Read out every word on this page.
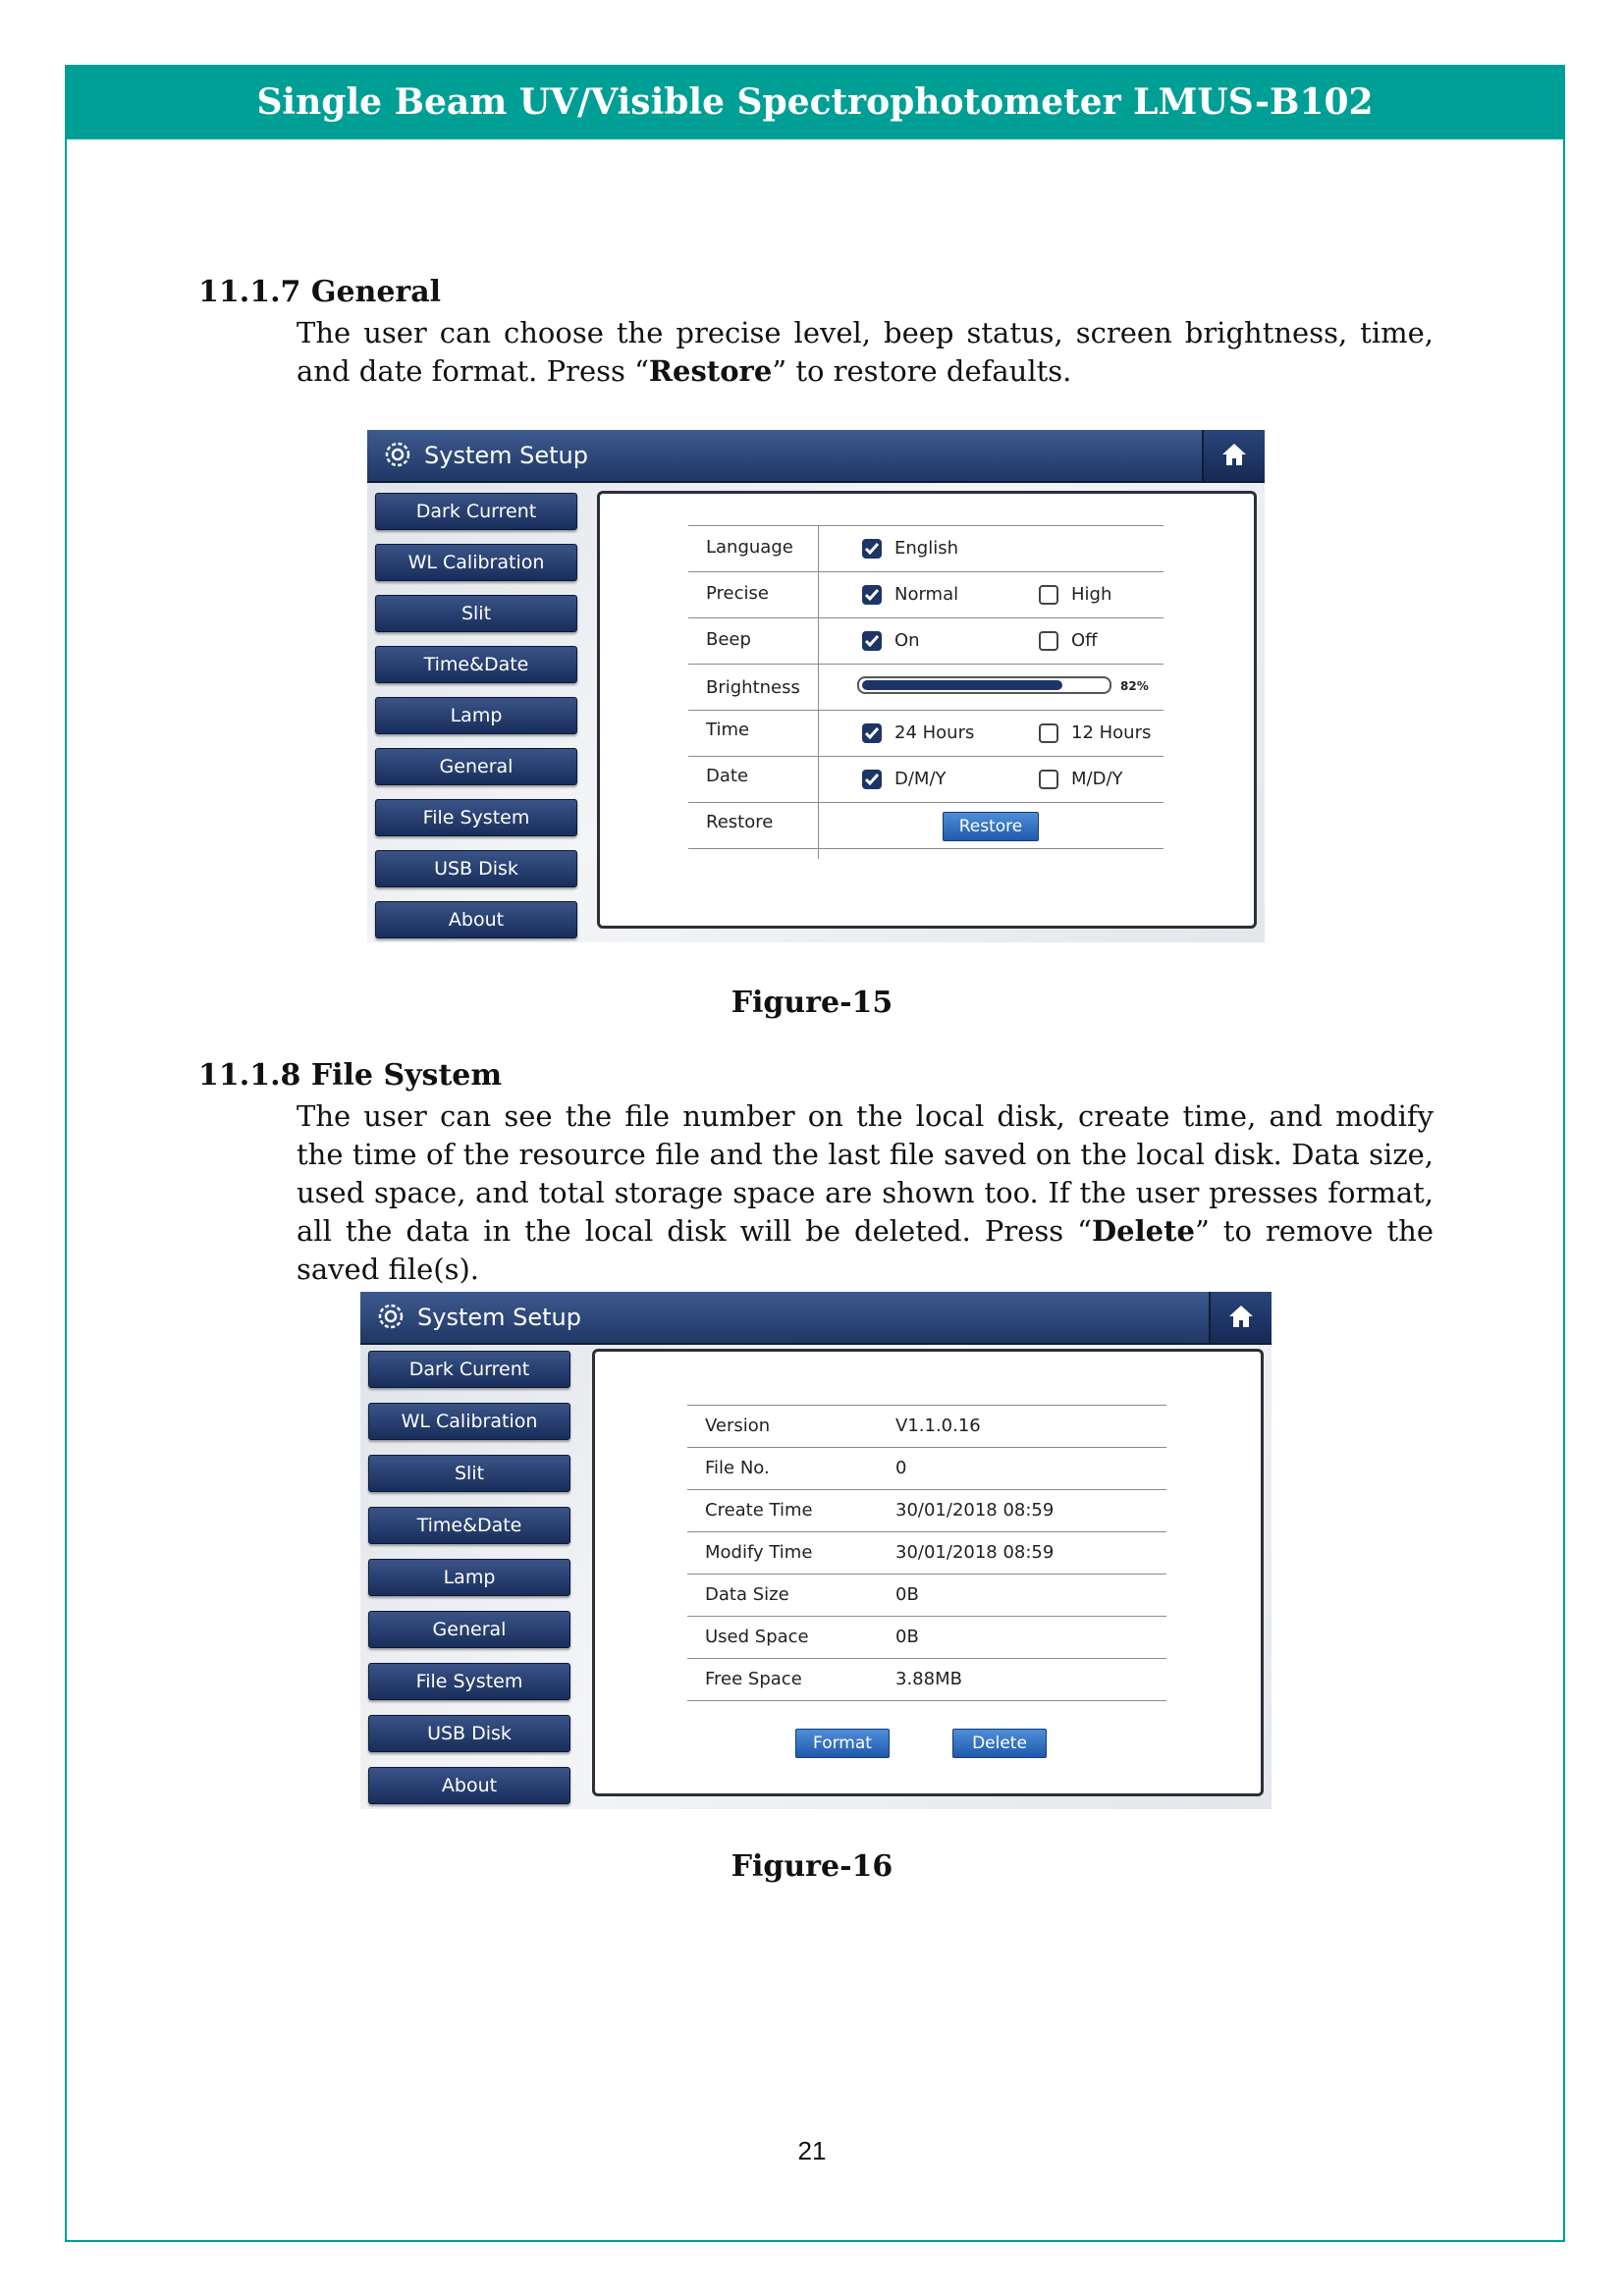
Single Beam UV/Visible Spectrophotometer LMUS-B102
11.1.7 General
The user can choose the precise level, beep status, screen brightness, time, and date format. Press “Restore” to restore defaults.
System Setup
Dark Current
WL Calibration
Slit
Time&Date
Lamp
General
File System
USB Disk
About
Language	English
Precise	Normal	High
Beep	On	Off
Brightness	82%
Time	24 Hours	12 Hours
Date	D/M/Y	M/D/Y
Restore	Restore
Figure-15
11.1.8 File System
The user can see the file number on the local disk, create time, and modify the time of the resource file and the last file saved on the local disk. Data size, used space, and total storage space are shown too. If the user presses format, all the data in the local disk will be deleted. Press “Delete” to remove the saved file(s).
System Setup
Dark Current
WL Calibration
Slit
Time&Date
Lamp
General
File System
USB Disk
About
Version	V1.1.0.16
File No.	0
Create Time	30/01/2018 08:59
Modify Time	30/01/2018 08:59
Data Size	0B
Used Space	0B
Free Space	3.88MB
Format	Delete
Figure-16
21
